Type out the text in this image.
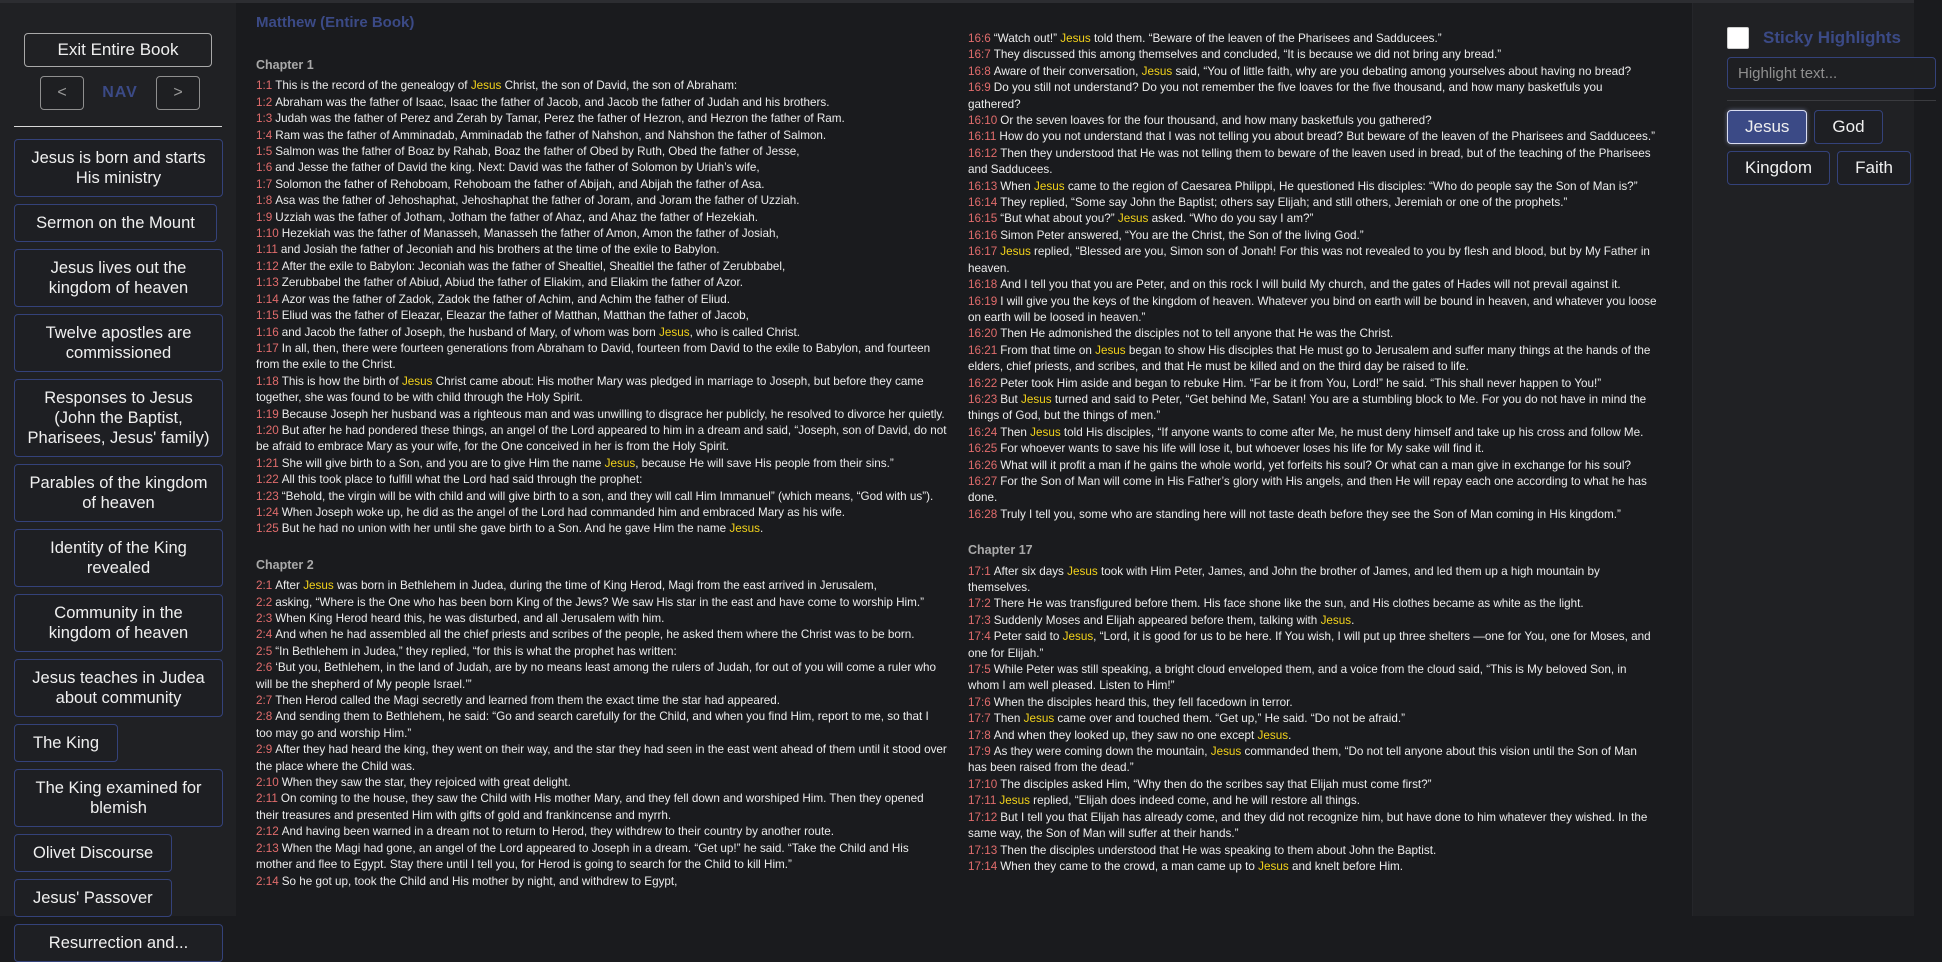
Exit Entire Book
<	NAV	>
Jesus is born and starts His ministry
Sermon on the Mount
Jesus lives out the kingdom of heaven
Twelve apostles are commissioned
Responses to Jesus (John the Baptist, Pharisees, Jesus' family)
Parables of the kingdom of heaven
Identity of the King revealed
Community in the kingdom of heaven
Jesus teaches in Judea about community
The King
The King examined for blemish
Olivet Discourse
Jesus' Passover
Resurrection and...
Matthew (Entire Book)
Chapter 1
1:1 This is the record of the genealogy of Jesus Christ, the son of David, the son of Abraham:
1:2 Abraham was the father of Isaac, Isaac the father of Jacob, and Jacob the father of Judah and his brothers.
1:3 Judah was the father of Perez and Zerah by Tamar, Perez the father of Hezron, and Hezron the father of Ram.
1:4 Ram was the father of Amminadab, Amminadab the father of Nahshon, and Nahshon the father of Salmon.
1:5 Salmon was the father of Boaz by Rahab, Boaz the father of Obed by Ruth, Obed the father of Jesse,
1:6 and Jesse the father of David the king. Next: David was the father of Solomon by Uriah’s wife,
1:7 Solomon the father of Rehoboam, Rehoboam the father of Abijah, and Abijah the father of Asa.
1:8 Asa was the father of Jehoshaphat, Jehoshaphat the father of Joram, and Joram the father of Uzziah.
1:9 Uzziah was the father of Jotham, Jotham the father of Ahaz, and Ahaz the father of Hezekiah.
1:10 Hezekiah was the father of Manasseh, Manasseh the father of Amon, Amon the father of Josiah,
1:11 and Josiah the father of Jeconiah and his brothers at the time of the exile to Babylon.
1:12 After the exile to Babylon: Jeconiah was the father of Shealtiel, Shealtiel the father of Zerubbabel,
1:13 Zerubbabel the father of Abiud, Abiud the father of Eliakim, and Eliakim the father of Azor.
1:14 Azor was the father of Zadok, Zadok the father of Achim, and Achim the father of Eliud.
1:15 Eliud was the father of Eleazar, Eleazar the father of Matthan, Matthan the father of Jacob,
1:16 and Jacob the father of Joseph, the husband of Mary, of whom was born Jesus, who is called Christ.
1:17 In all, then, there were fourteen generations from Abraham to David, fourteen from David to the exile to Babylon, and fourteen from the exile to the Christ.
1:18 This is how the birth of Jesus Christ came about: His mother Mary was pledged in marriage to Joseph, but before they came together, she was found to be with child through the Holy Spirit.
1:19 Because Joseph her husband was a righteous man and was unwilling to disgrace her publicly, he resolved to divorce her quietly.
1:20 But after he had pondered these things, an angel of the Lord appeared to him in a dream and said, “Joseph, son of David, do not be afraid to embrace Mary as your wife, for the One conceived in her is from the Holy Spirit.
1:21 She will give birth to a Son, and you are to give Him the name Jesus, because He will save His people from their sins.”
1:22 All this took place to fulfill what the Lord had said through the prophet:
1:23 “Behold, the virgin will be with child and will give birth to a son, and they will call Him Immanuel” (which means, “God with us”).
1:24 When Joseph woke up, he did as the angel of the Lord had commanded him and embraced Mary as his wife.
1:25 But he had no union with her until she gave birth to a Son. And he gave Him the name Jesus.
Chapter 2
2:1 After Jesus was born in Bethlehem in Judea, during the time of King Herod, Magi from the east arrived in Jerusalem,
2:2 asking, “Where is the One who has been born King of the Jews? We saw His star in the east and have come to worship Him.”
2:3 When King Herod heard this, he was disturbed, and all Jerusalem with him.
2:4 And when he had assembled all the chief priests and scribes of the people, he asked them where the Christ was to be born.
2:5 “In Bethlehem in Judea,” they replied, “for this is what the prophet has written:
2:6 ‘But you, Bethlehem, in the land of Judah, are by no means least among the rulers of Judah, for out of you will come a ruler who will be the shepherd of My people Israel.’”
2:7 Then Herod called the Magi secretly and learned from them the exact time the star had appeared.
2:8 And sending them to Bethlehem, he said: “Go and search carefully for the Child, and when you find Him, report to me, so that I too may go and worship Him.”
2:9 After they had heard the king, they went on their way, and the star they had seen in the east went ahead of them until it stood over the place where the Child was.
2:10 When they saw the star, they rejoiced with great delight.
2:11 On coming to the house, they saw the Child with His mother Mary, and they fell down and worshiped Him. Then they opened their treasures and presented Him with gifts of gold and frankincense and myrrh.
2:12 And having been warned in a dream not to return to Herod, they withdrew to their country by another route.
2:13 When the Magi had gone, an angel of the Lord appeared to Joseph in a dream. “Get up!” he said. “Take the Child and His mother and flee to Egypt. Stay there until I tell you, for Herod is going to search for the Child to kill Him.”
2:14 So he got up, took the Child and His mother by night, and withdrew to Egypt,
16:6 “Watch out!” Jesus told them. “Beware of the leaven of the Pharisees and Sadducees.”
16:7 They discussed this among themselves and concluded, “It is because we did not bring any bread.”
16:8 Aware of their conversation, Jesus said, “You of little faith, why are you debating among yourselves about having no bread?
16:9 Do you still not understand? Do you not remember the five loaves for the five thousand, and how many basketfuls you gathered?
16:10 Or the seven loaves for the four thousand, and how many basketfuls you gathered?
16:11 How do you not understand that I was not telling you about bread? But beware of the leaven of the Pharisees and Sadducees.”
16:12 Then they understood that He was not telling them to beware of the leaven used in bread, but of the teaching of the Pharisees and Sadducees.
16:13 When Jesus came to the region of Caesarea Philippi, He questioned His disciples: “Who do people say the Son of Man is?”
16:14 They replied, “Some say John the Baptist; others say Elijah; and still others, Jeremiah or one of the prophets.”
16:15 “But what about you?” Jesus asked. “Who do you say I am?”
16:16 Simon Peter answered, “You are the Christ, the Son of the living God.”
16:17 Jesus replied, “Blessed are you, Simon son of Jonah! For this was not revealed to you by flesh and blood, but by My Father in heaven.
16:18 And I tell you that you are Peter, and on this rock I will build My church, and the gates of Hades will not prevail against it.
16:19 I will give you the keys of the kingdom of heaven. Whatever you bind on earth will be bound in heaven, and whatever you loose on earth will be loosed in heaven.”
16:20 Then He admonished the disciples not to tell anyone that He was the Christ.
16:21 From that time on Jesus began to show His disciples that He must go to Jerusalem and suffer many things at the hands of the elders, chief priests, and scribes, and that He must be killed and on the third day be raised to life.
16:22 Peter took Him aside and began to rebuke Him. “Far be it from You, Lord!” he said. “This shall never happen to You!”
16:23 But Jesus turned and said to Peter, “Get behind Me, Satan! You are a stumbling block to Me. For you do not have in mind the things of God, but the things of men.”
16:24 Then Jesus told His disciples, “If anyone wants to come after Me, he must deny himself and take up his cross and follow Me.
16:25 For whoever wants to save his life will lose it, but whoever loses his life for My sake will find it.
16:26 What will it profit a man if he gains the whole world, yet forfeits his soul? Or what can a man give in exchange for his soul?
16:27 For the Son of Man will come in His Father’s glory with His angels, and then He will repay each one according to what he has done.
16:28 Truly I tell you, some who are standing here will not taste death before they see the Son of Man coming in His kingdom.”
Chapter 17
17:1 After six days Jesus took with Him Peter, James, and John the brother of James, and led them up a high mountain by themselves.
17:2 There He was transfigured before them. His face shone like the sun, and His clothes became as white as the light.
17:3 Suddenly Moses and Elijah appeared before them, talking with Jesus.
17:4 Peter said to Jesus, “Lord, it is good for us to be here. If You wish, I will put up three shelters —one for You, one for Moses, and one for Elijah.”
17:5 While Peter was still speaking, a bright cloud enveloped them, and a voice from the cloud said, “This is My beloved Son, in whom I am well pleased. Listen to Him!”
17:6 When the disciples heard this, they fell facedown in terror.
17:7 Then Jesus came over and touched them. “Get up,” He said. “Do not be afraid.”
17:8 And when they looked up, they saw no one except Jesus.
17:9 As they were coming down the mountain, Jesus commanded them, “Do not tell anyone about this vision until the Son of Man has been raised from the dead.”
17:10 The disciples asked Him, “Why then do the scribes say that Elijah must come first?”
17:11 Jesus replied, “Elijah does indeed come, and he will restore all things.
17:12 But I tell you that Elijah has already come, and they did not recognize him, but have done to him whatever they wished. In the same way, the Son of Man will suffer at their hands.”
17:13 Then the disciples understood that He was speaking to them about John the Baptist.
17:14 When they came to the crowd, a man came up to Jesus and knelt before Him.
Sticky Highlights
Highlight text...
Jesus	God
Kingdom	Faith
